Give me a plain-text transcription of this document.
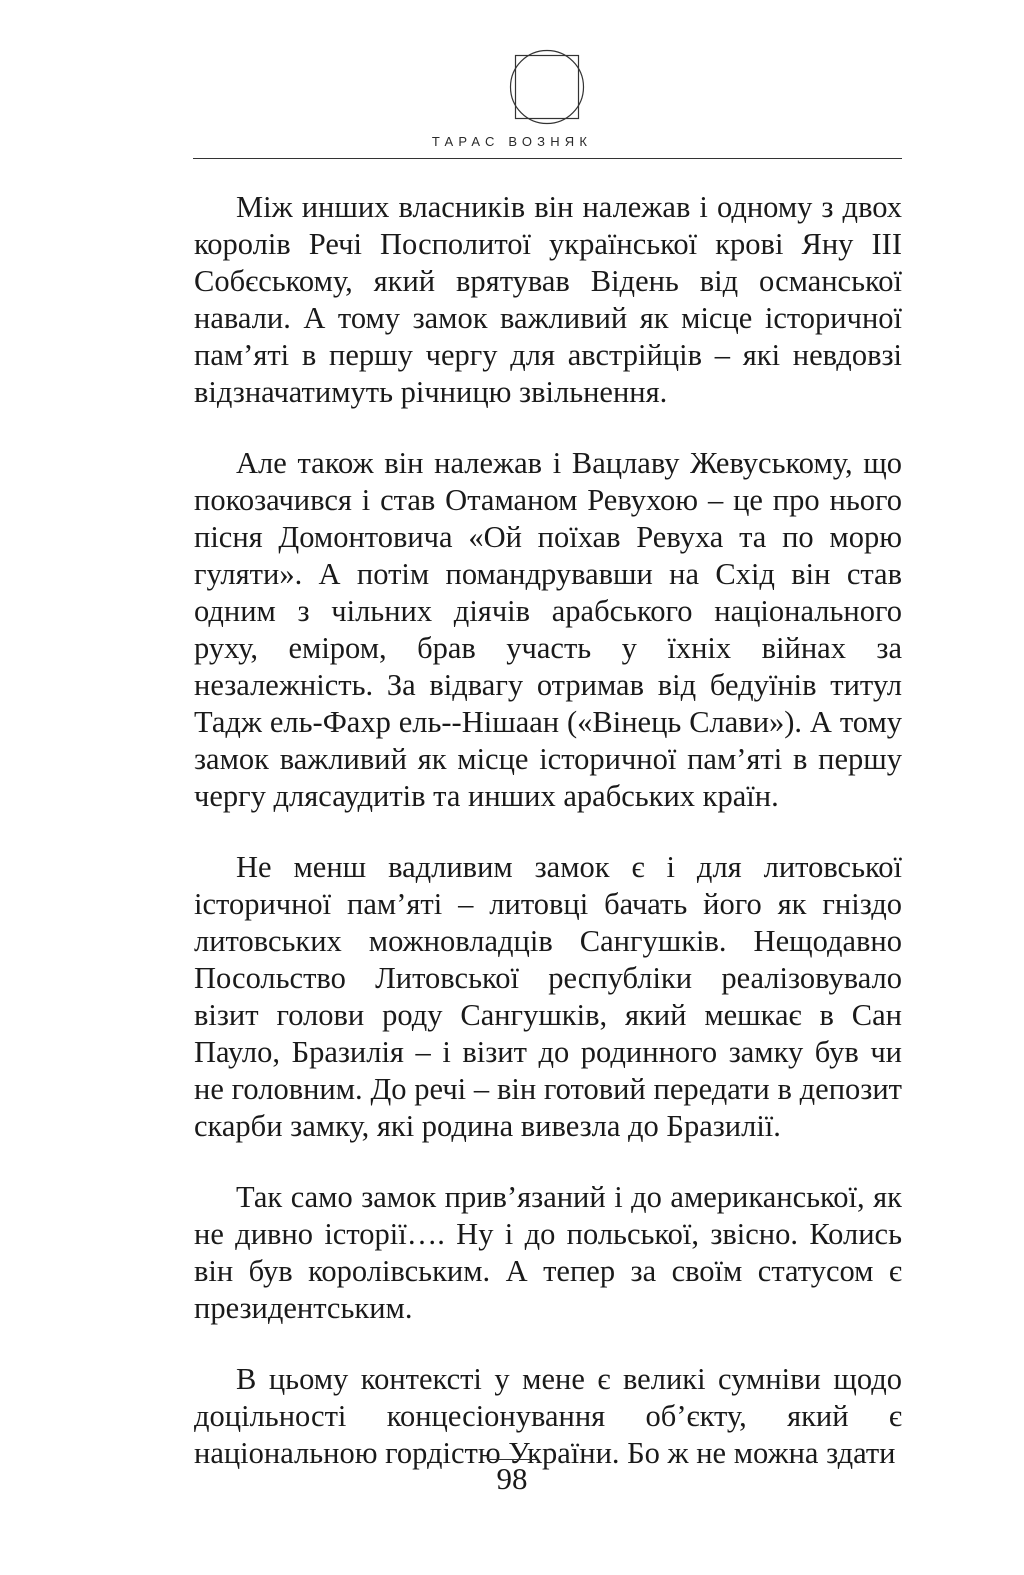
ТАРАС ВОЗНЯК

Між инших власників він належав і одному з двох королів Речі Посполитої української крові Яну ІІІ Собєському, який врятував Відень від османської навали. А тому замок важливий як місце історичної пам’яті в першу чергу для австрійців – які невдовзі відзначатимуть річницю звільнення.

Але також він належав і Вацлаву Жевуському, що покозачився і став Отаманом Ревухою – це про нього пісня Домонтовича «Ой поїхав Ревуха та по морю гуляти». А потім помандрувавши на Схід він став одним з чільних діячів арабського національного руху, еміром, брав участь у їхніх війнах за незалежність. За відвагу отримав від бедуїнів титул Тадж ель-Фахр ель-‑Нішаан («Вінець Слави»). А тому замок важливий як місце історичної пам’яті в першу чергу длясаудитів та инших арабських країн.

Не менш вадливим замок є і для литовської історичної пам’яті – литовці бачать його як гніздо литовських можновладців Сангушків. Нещодавно Посольство Литовської республіки реалізовувало візит голови роду Сангушків, який мешкає в Сан Пауло, Бразилія – і візит до родинного замку був чи не головним. До речі – він готовий передати в депозит скарби замку, які родина вивезла до Бразилії.

Так само замок прив’язаний і до американської, як не дивно історії…. Ну і до польської, звісно. Колись він був королівським. А тепер за своїм статусом є президентським.

В цьому контексті у мене є великі сумніви щодо доцільності концесіонування об’єкту, який є національною гордістю України. Бо ж не можна здати

98
